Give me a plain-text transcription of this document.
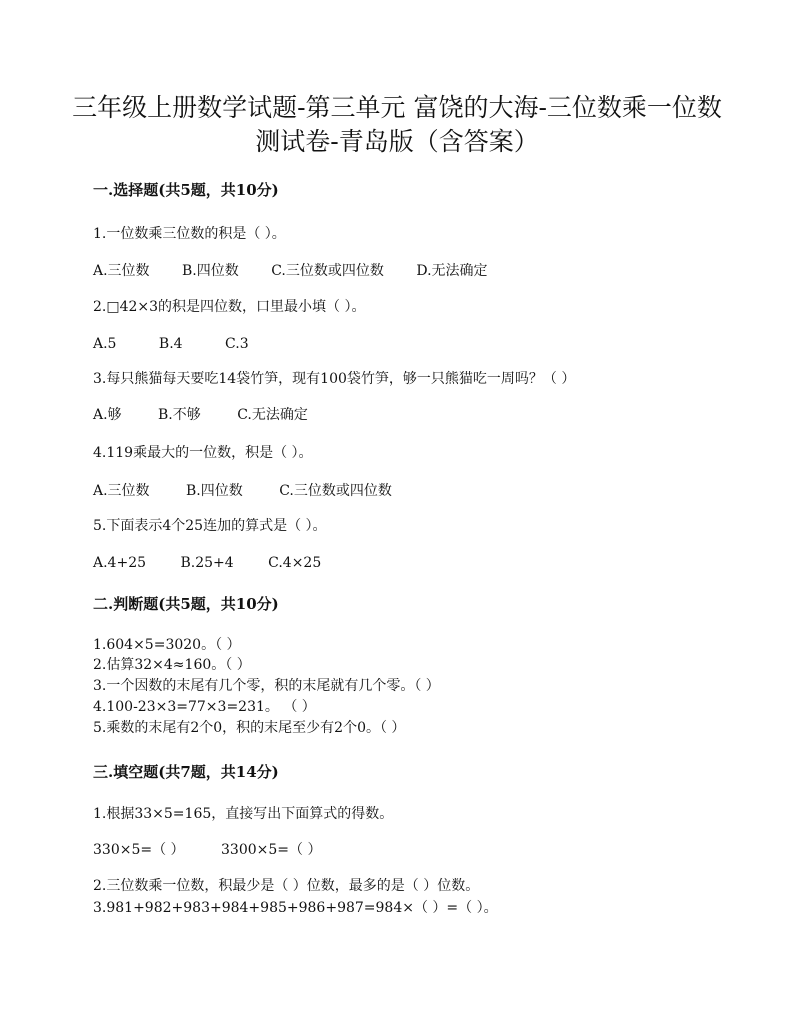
三年级上册数学试题-第三单元 富饶的大海-三位数乘一位数
测试卷-青岛版（含答案）
一.选择题(共5题，共10分)
1.一位数乘三位数的积是（ ）。
A.三位数 B.四位数 C.三位数或四位数 D.无法确定
2.□42×3的积是四位数，口里最小填（ ）。
A.5	B.4	C.3
3.每只熊猫每天要吃14袋竹笋，现有100袋竹笋，够一只熊猫吃一周吗？（ ）
A.够	B.不够	C.无法确定
4.119乘最大的一位数，积是（ ）。
A.三位数	B.四位数	C.三位数或四位数
5.下面表示4个25连加的算式是（ ）。
A.4+25 B.25+4 C.4×25
二.判断题(共5题，共10分)
1.604×5=3020。（ ）
2.估算32×4≈160。（ ）
3.一个因数的末尾有几个零，积的末尾就有几个零。（ ）
4.100-23×3=77×3=231。 （ ）
5.乘数的末尾有2个0，积的末尾至少有2个0。（ ）
三.填空题(共7题，共14分)
1.根据33×5=165，直接写出下面算式的得数。
330×5=（ ）	3300×5=（ ）
2.三位数乘一位数，积最少是（ ）位数，最多的是（ ）位数。
3.981+982+983+984+985+986+987=984×（ ）=（ ）。
